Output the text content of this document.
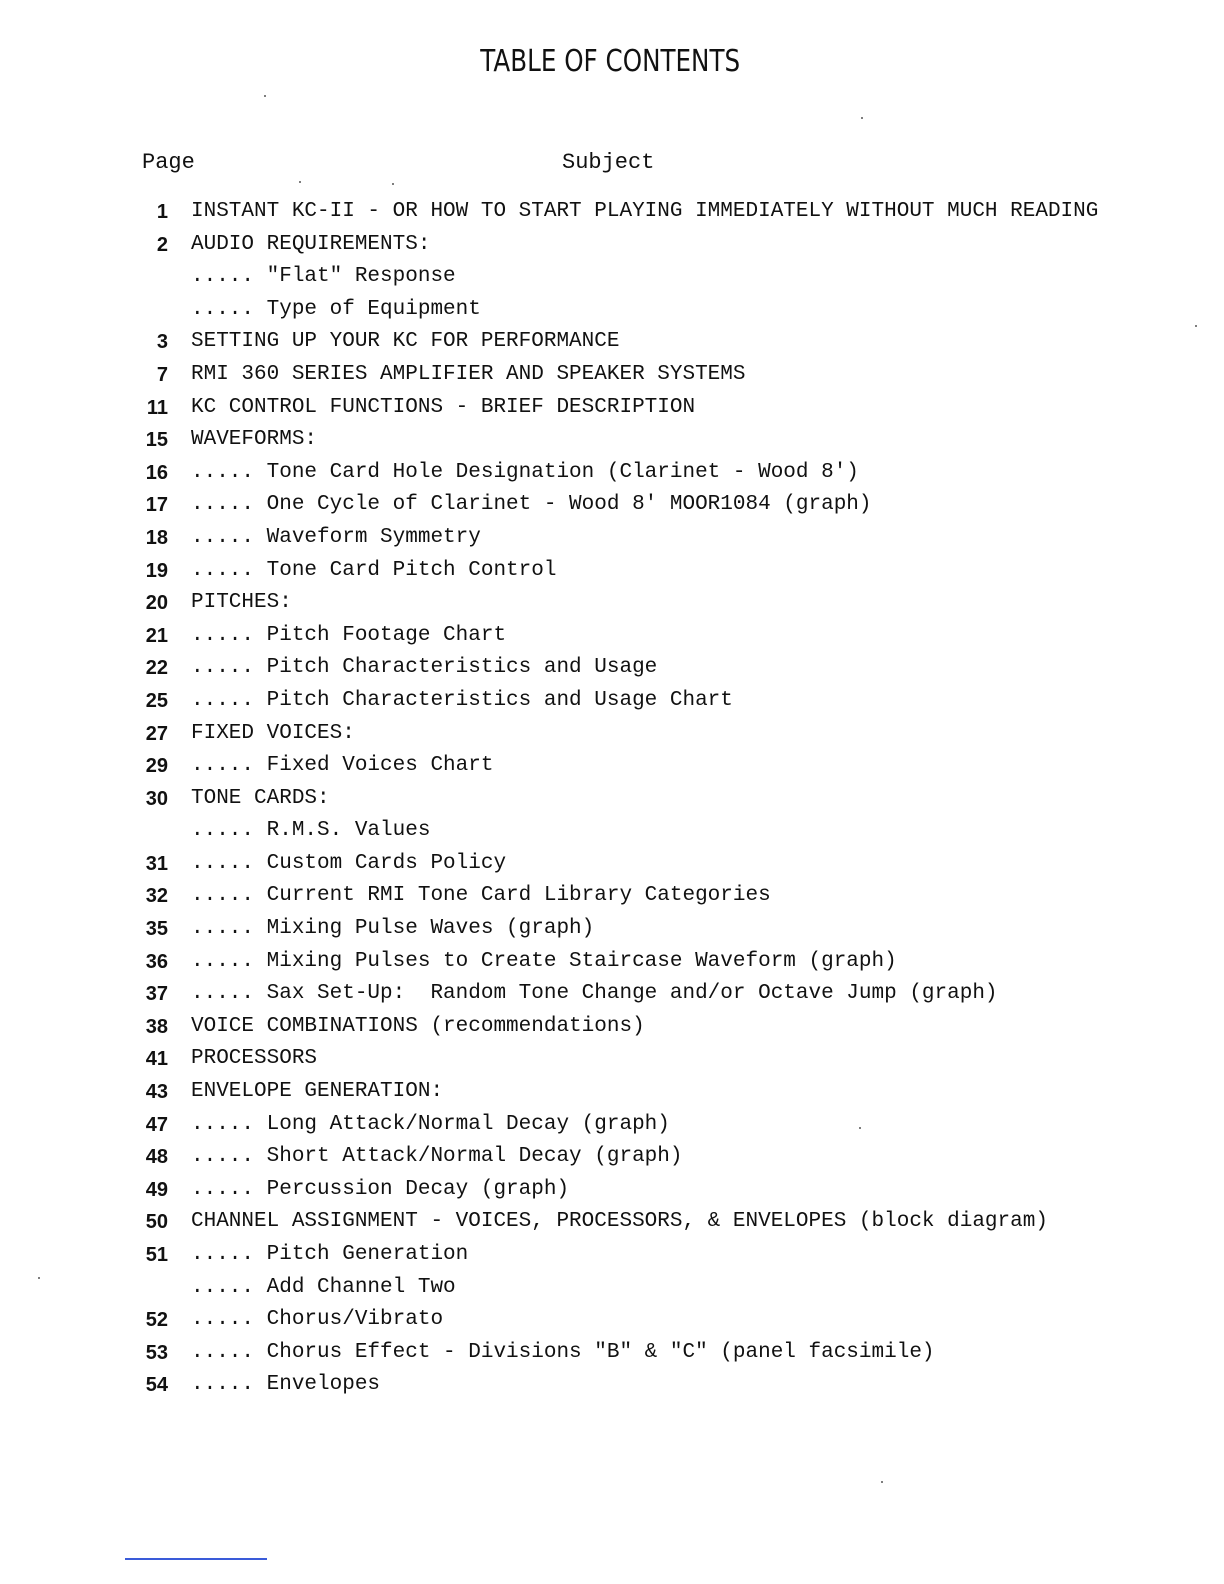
TABLE OF CONTENTS
Page	Subject
1 INSTANT KC-II - OR HOW TO START PLAYING IMMEDIATELY WITHOUT MUCH READING
2 AUDIO REQUIREMENTS:
..... "Flat" Response
..... Type of Equipment
3 SETTING UP YOUR KC FOR PERFORMANCE
7 RMI 360 SERIES AMPLIFIER AND SPEAKER SYSTEMS
11 KC CONTROL FUNCTIONS - BRIEF DESCRIPTION
15 WAVEFORMS:
16 ..... Tone Card Hole Designation (Clarinet - Wood 8')
17 ..... One Cycle of Clarinet - Wood 8' MOOR1084 (graph)
18 ..... Waveform Symmetry
19 ..... Tone Card Pitch Control
20 PITCHES:
21 ..... Pitch Footage Chart
22 ..... Pitch Characteristics and Usage
25 ..... Pitch Characteristics and Usage Chart
27 FIXED VOICES:
29 ..... Fixed Voices Chart
30 TONE CARDS:
..... R.M.S. Values
31 ..... Custom Cards Policу
32 ..... Current RMI Tone Card Library Categories
35 ..... Mixing Pulse Waves (graph)
36 ..... Mixing Pulses to Create Staircase Waveform (graph)
37 ..... Sax Set-Up:  Random Tone Change and/or Octave Jump (graph)
38 VOICE COMBINATIONS (recommendations)
41 PROCESSORS
43 ENVELOPE GENERATION:
47 ..... Long Attack/Normal Decay (graph)
48 ..... Short Attack/Normal Decay (graph)
49 ..... Percussion Decay (graph)
50 CHANNEL ASSIGNMENT - VOICES, PROCESSORS, & ENVELOPES (block diagram)
51 ..... Pitch Generation
..... Add Channel Two
52 ..... Chorus/Vibrato
53 ..... Chorus Effect - Divisions "B" & "C" (panel facsimile)
54 ..... Envelopes
